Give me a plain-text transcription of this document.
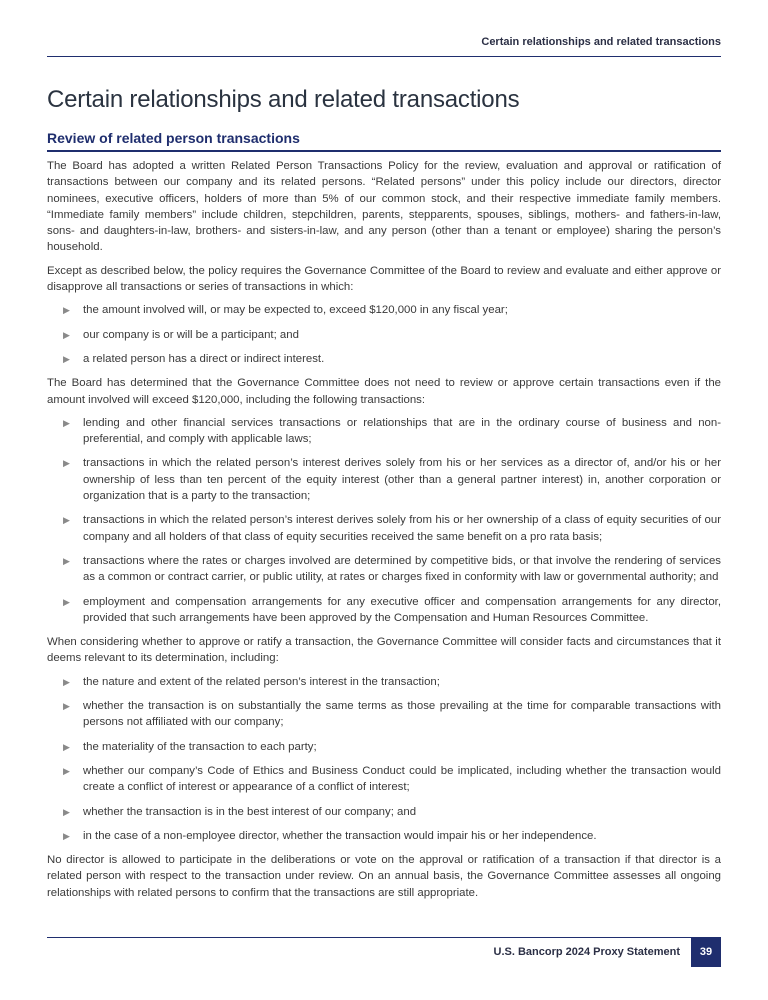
Certain relationships and related transactions
Certain relationships and related transactions
Review of related person transactions

The Board has adopted a written Related Person Transactions Policy for the review, evaluation and approval or ratification of transactions between our company and its related persons. “Related persons” under this policy include our directors, director nominees, executive officers, holders of more than 5% of our common stock, and their respective immediate family members. “Immediate family members” include children, stepchildren, parents, stepparents, spouses, siblings, mothers- and fathers-in-law, sons- and daughters-in-law, brothers- and sisters-in-law, and any person (other than a tenant or employee) sharing the person’s household.

Except as described below, the policy requires the Governance Committee of the Board to review and evaluate and either approve or disapprove all transactions or series of transactions in which:

▶ the amount involved will, or may be expected to, exceed $120,000 in any fiscal year;
▶ our company is or will be a participant; and
▶ a related person has a direct or indirect interest.

The Board has determined that the Governance Committee does not need to review or approve certain transactions even if the amount involved will exceed $120,000, including the following transactions:

▶ lending and other financial services transactions or relationships that are in the ordinary course of business and non-preferential, and comply with applicable laws;
▶ transactions in which the related person’s interest derives solely from his or her services as a director of, and/or his or her ownership of less than ten percent of the equity interest (other than a general partner interest) in, another corporation or organization that is a party to the transaction;
▶ transactions in which the related person’s interest derives solely from his or her ownership of a class of equity securities of our company and all holders of that class of equity securities received the same benefit on a pro rata basis;
▶ transactions where the rates or charges involved are determined by competitive bids, or that involve the rendering of services as a common or contract carrier, or public utility, at rates or charges fixed in conformity with law or governmental authority; and
▶ employment and compensation arrangements for any executive officer and compensation arrangements for any director, provided that such arrangements have been approved by the Compensation and Human Resources Committee.

When considering whether to approve or ratify a transaction, the Governance Committee will consider facts and circumstances that it deems relevant to its determination, including:

▶ the nature and extent of the related person’s interest in the transaction;
▶ whether the transaction is on substantially the same terms as those prevailing at the time for comparable transactions with persons not affiliated with our company;
▶ the materiality of the transaction to each party;
▶ whether our company’s Code of Ethics and Business Conduct could be implicated, including whether the transaction would create a conflict of interest or appearance of a conflict of interest;
▶ whether the transaction is in the best interest of our company; and
▶ in the case of a non-employee director, whether the transaction would impair his or her independence.

No director is allowed to participate in the deliberations or vote on the approval or ratification of a transaction if that director is a related person with respect to the transaction under review. On an annual basis, the Governance Committee assesses all ongoing relationships with related persons to confirm that the transactions are still appropriate.

U.S. Bancorp 2024 Proxy Statement	39
